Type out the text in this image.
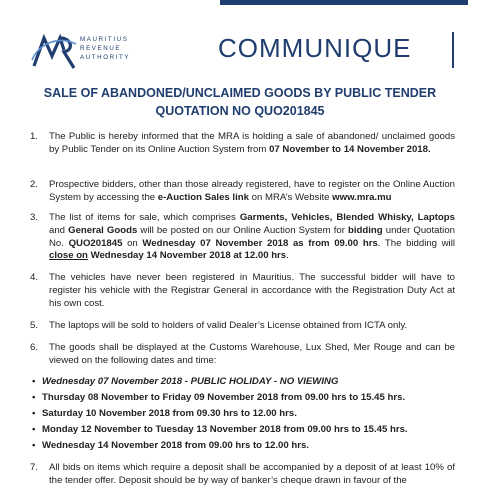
MAURITIUS
REVENUE
AUTHORITY	COMMUNIQUE
SALE OF ABANDONED/UNCLAIMED GOODS BY PUBLIC TENDER
QUOTATION NO QUO201845
1. The Public is hereby informed that the MRA is holding a sale of abandoned/ unclaimed goods by Public Tender on its Online Auction System from 07 November to 14 November 2018.
2. Prospective bidders, other than those already registered, have to register on the Online Auction System by accessing the e-Auction Sales link on MRA’s Website www.mra.mu
3. The list of items for sale, which comprises Garments, Vehicles, Blended Whisky, Laptops and General Goods will be posted on our Online Auction System for bidding under Quotation No. QUO201845 on Wednesday 07 November 2018 as from 09.00 hrs. The bidding will close on Wednesday 14 November 2018 at 12.00 hrs.
4. The vehicles have never been registered in Mauritius. The successful bidder will have to register his vehicle with the Registrar General in accordance with the Registration Duty Act at his own cost.
5. The laptops will be sold to holders of valid Dealer’s License obtained from ICTA only.
6. The goods shall be displayed at the Customs Warehouse, Lux Shed, Mer Rouge and can be viewed on the following dates and time:
7. All bids on items which require a deposit shall be accompanied by a deposit of at least 10% of the tender offer. Deposit should be by way of banker’s cheque drawn in favour of the
• Wednesday 07 November 2018 - PUBLIC HOLIDAY - NO VIEWING
• Thursday 08 November to Friday 09 November 2018 from 09.00 hrs to 15.45 hrs.
• Saturday 10 November 2018 from 09.30 hrs to 12.00 hrs.
• Monday 12 November to Tuesday 13 November 2018 from 09.00 hrs to 15.45 hrs.
• Wednesday 14 November 2018 from 09.00 hrs to 12.00 hrs.
